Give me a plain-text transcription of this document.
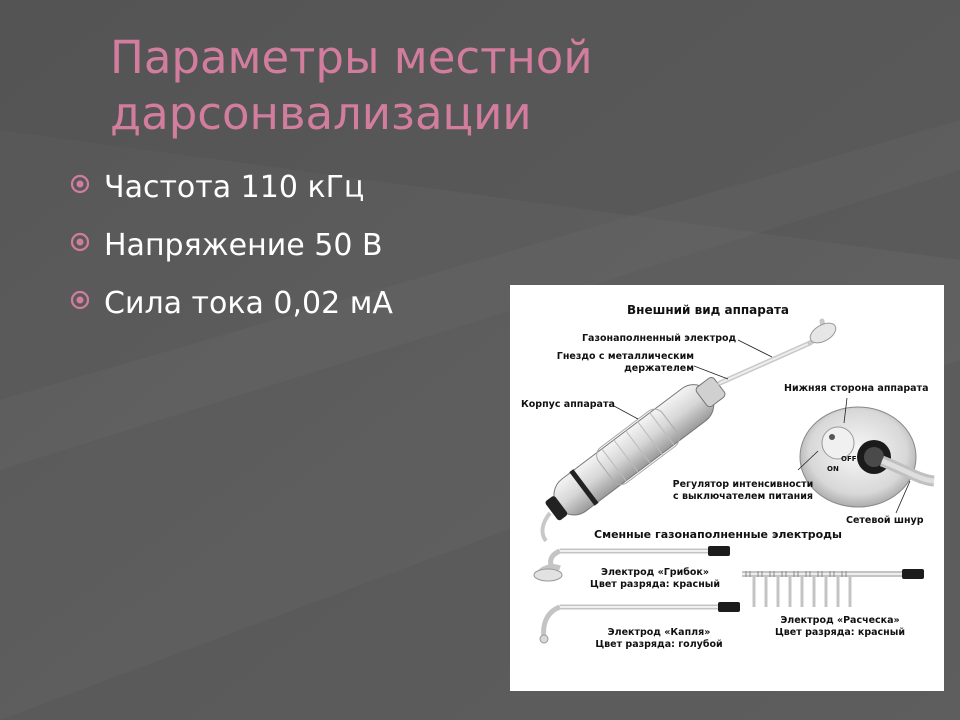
Параметры местной
дарсонвализации
Частота 110 кГц
Напряжение 50 В
Сила тока 0,02 мА	Внешний вид аппарата
Сменные газонаполненные электроды
Газонаполненный электрод
Гнездо с металлическим
держателем
Корпус аппарата
Нижняя сторона аппарата
Регулятор интенсивности
с выключателем питания
Сетевой шнур
OFF
ON
Электрод «Грибок»
Цвет разряда: красный
Электрод «Капля»
Цвет разряда: голубой
Электрод «Расческа»
Цвет разряда: красный
